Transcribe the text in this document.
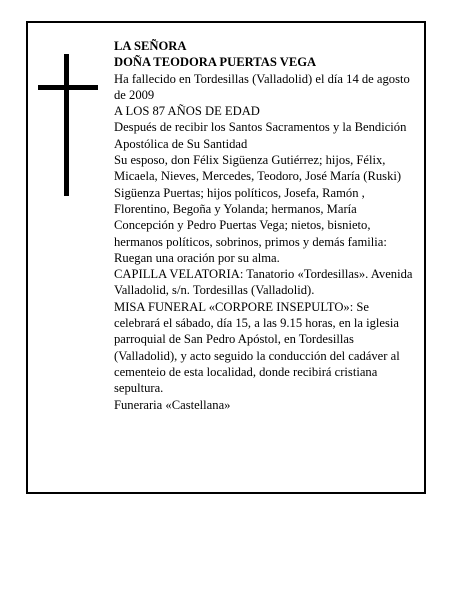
LA SEÑORA

DOÑA TEODORA PUERTAS VEGA

Ha fallecido en Tordesillas (Valladolid) el día 14 de agosto de 2009

A LOS 87 AÑOS DE EDAD

Después de recibir los Santos Sacramentos y la Bendición Apostólica de Su Santidad

Su esposo, don Félix Sigüenza Gutiérrez; hijos, Félix, Micaela, Nieves, Mercedes, Teodoro, José María (Ruski) Sigüenza Puertas; hijos políticos, Josefa, Ramón , Florentino, Begoña y Yolanda; hermanos, María Concepción y Pedro Puertas Vega; nietos, bisnieto, hermanos políticos, sobrinos, primos y demás familia:

Ruegan una oración por su alma.

CAPILLA VELATORIA: Tanatorio «Tordesillas». Avenida Valladolid, s/n. Tordesillas (Valladolid).

MISA FUNERAL «CORPORE INSEPULTO»: Se celebrará el sábado, día 15, a las 9.15 horas, en la iglesia parroquial de San Pedro Apóstol, en Tordesillas (Valladolid), y acto seguido la conducción del cadáver al cementeio de esta localidad, donde recibirá cristiana sepultura.

Funeraria «Castellana»
